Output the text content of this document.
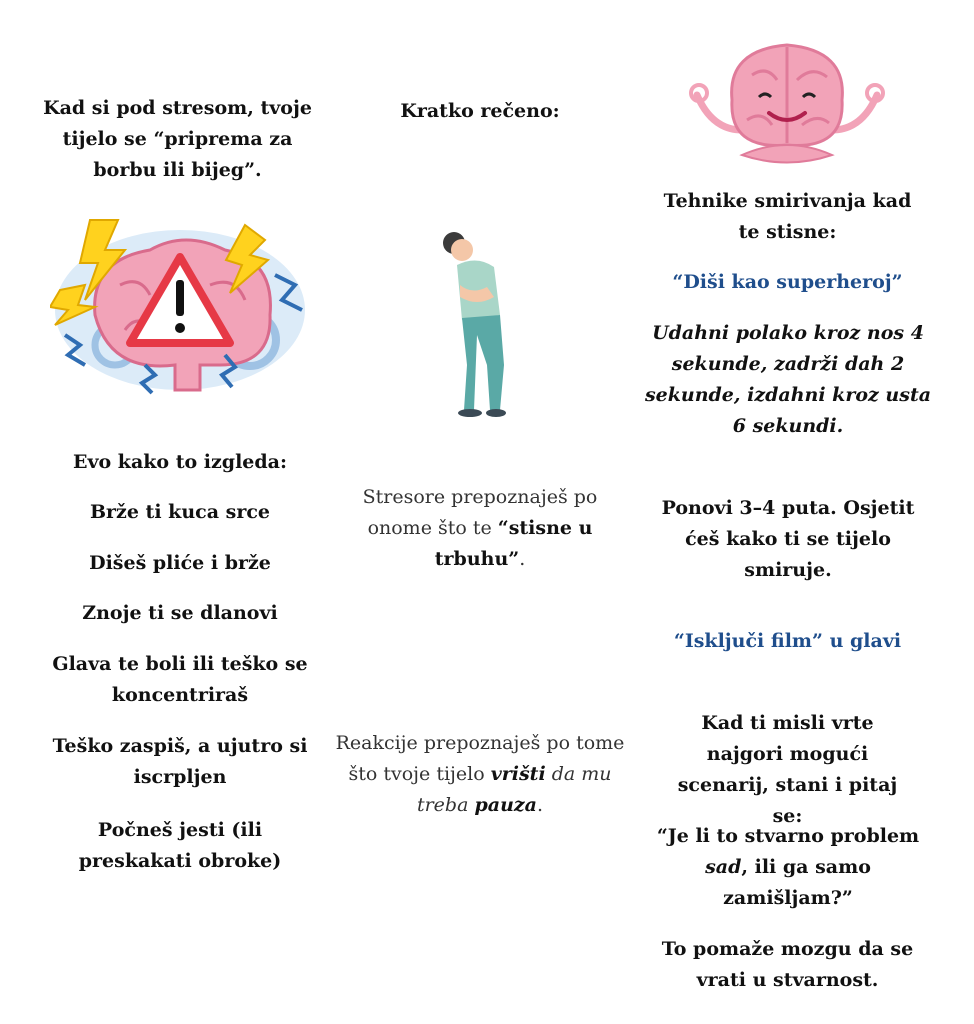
Kad si pod stresom, tvoje tijelo se “priprema za borbu ili bijeg”.
Evo kako to izgleda:
Brže ti kuca srce
Dišeš pliće i brže
Znoje ti se dlanovi
Glava te boli ili teško se koncentriraš
Teško zaspiš, a ujutro si iscrpljen
Počneš jesti (ili preskakati obroke)
Kratko rečeno:
Stresore prepoznaješ po onome što te “stisne u trbuhu”.
Reakcije prepoznaješ po tome što tvoje tijelo vrišti da mu treba pauza.
Tehnike smirivanja kad te stisne:
“Diši kao superheroj”
Udahni polako kroz nos 4 sekunde, zadrži dah 2 sekunde, izdahni kroz usta 6 sekundi.
Ponovi 3–4 puta. Osjetit ćeš kako ti se tijelo smiruje.
“Isključi film” u glavi
Kad ti misli vrte najgori mogući scenarij, stani i pitaj se:
“Je li to stvarno problem sad, ili ga samo zamišljam?”
To pomaže mozgu da se vrati u stvarnost.
